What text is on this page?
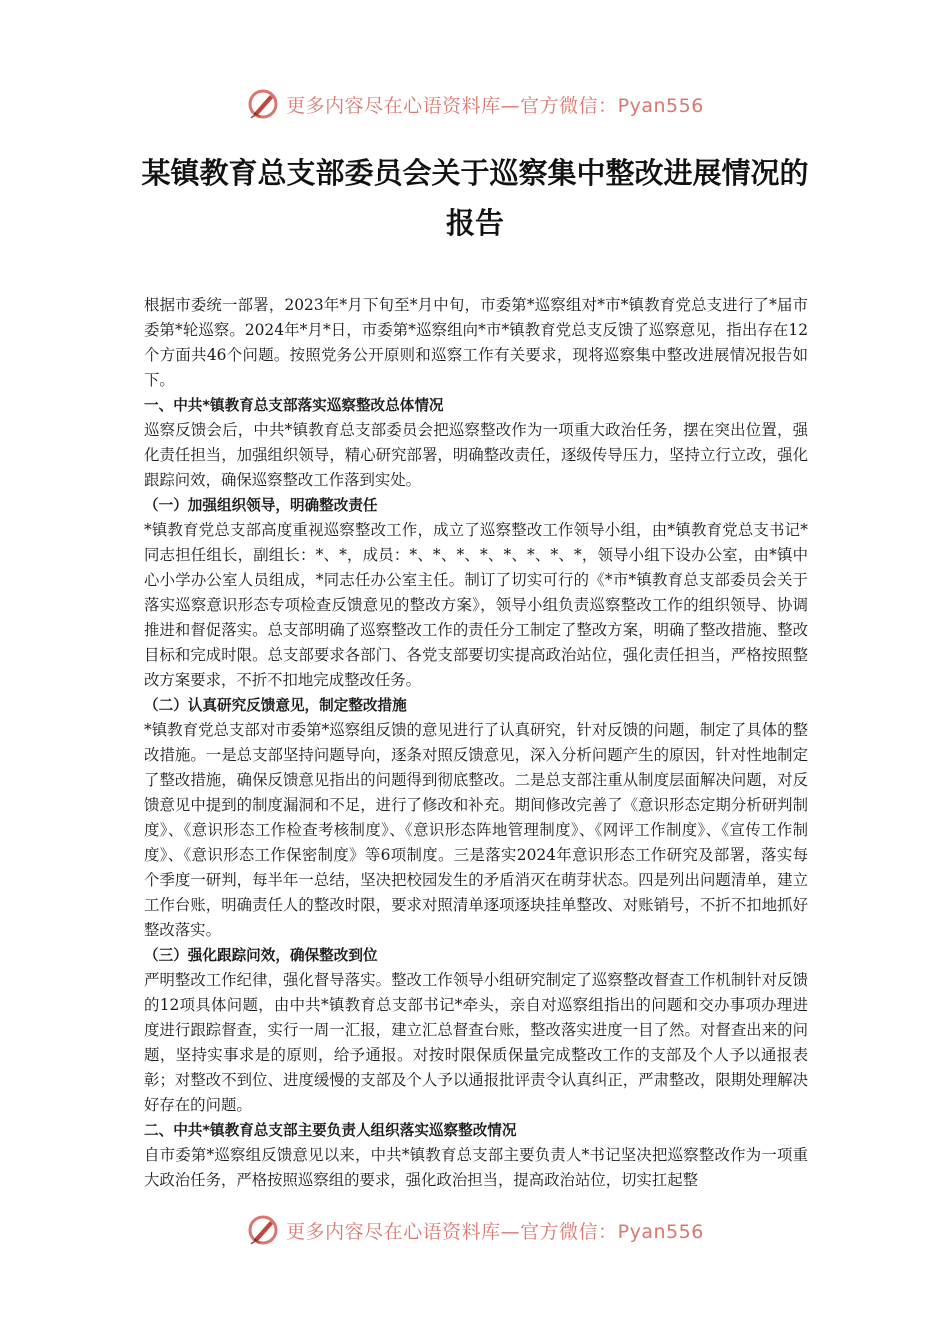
更多内容尽在心语资料库—官方微信：Pyan556
某镇教育总支部委员会关于巡察集中整改进展情况的报告

根据市委统一部署，2023年*月下旬至*月中旬，市委第*巡察组对*市*镇教育党总支进行了*届市委第*轮巡察。2024年*月*日，市委第*巡察组向*市*镇教育党总支反馈了巡察意见，指出存在12个方面共46个问题。按照党务公开原则和巡察工作有关要求，现将巡察集中整改进展情况报告如下。

一、中共*镇教育总支部落实巡察整改总体情况

巡察反馈会后，中共*镇教育总支部委员会把巡察整改作为一项重大政治任务，摆在突出位置，强化责任担当，加强组织领导，精心研究部署，明确整改责任，逐级传导压力，坚持立行立改，强化跟踪问效，确保巡察整改工作落到实处。

（一）加强组织领导，明确整改责任

*镇教育党总支部高度重视巡察整改工作，成立了巡察整改工作领导小组，由*镇教育党总支书记*同志担任组长，副组长：*、*，成员：*、*、*、*、*、*、*、*，领导小组下设办公室，由*镇中心小学办公室人员组成，*同志任办公室主任。制订了切实可行的《*市*镇教育总支部委员会关于落实巡察意识形态专项检查反馈意见的整改方案》，领导小组负责巡察整改工作的组织领导、协调推进和督促落实。总支部明确了巡察整改工作的责任分工制定了整改方案，明确了整改措施、整改目标和完成时限。总支部要求各部门、各党支部要切实提高政治站位，强化责任担当，严格按照整改方案要求，不折不扣地完成整改任务。

（二）认真研究反馈意见，制定整改措施

*镇教育党总支部对市委第*巡察组反馈的意见进行了认真研究，针对反馈的问题，制定了具体的整改措施。一是总支部坚持问题导向，逐条对照反馈意见，深入分析问题产生的原因，针对性地制定了整改措施，确保反馈意见指出的问题得到彻底整改。二是总支部注重从制度层面解决问题，对反馈意见中提到的制度漏洞和不足，进行了修改和补充。期间修改完善了《意识形态定期分析研判制度》、《意识形态工作检查考核制度》、《意识形态阵地管理制度》、《网评工作制度》、《宣传工作制度》、《意识形态工作保密制度》等6项制度。三是落实2024年意识形态工作研究及部署，落实每个季度一研判，每半年一总结，坚决把校园发生的矛盾消灭在萌芽状态。四是列出问题清单，建立工作台账，明确责任人的整改时限，要求对照清单逐项逐块挂单整改、对账销号，不折不扣地抓好整改落实。

（三）强化跟踪问效，确保整改到位

严明整改工作纪律，强化督导落实。整改工作领导小组研究制定了巡察整改督查工作机制针对反馈的12项具体问题，由中共*镇教育总支部书记*牵头，亲自对巡察组指出的问题和交办事项办理进度进行跟踪督查，实行一周一汇报，建立汇总督查台账，整改落实进度一目了然。对督查出来的问题，坚持实事求是的原则，给予通报。对按时限保质保量完成整改工作的支部及个人予以通报表彰；对整改不到位、进度缓慢的支部及个人予以通报批评责令认真纠正，严肃整改，限期处理解决好存在的问题。

二、中共*镇教育总支部主要负责人组织落实巡察整改情况

自市委第*巡察组反馈意见以来，中共*镇教育总支部主要负责人*书记坚决把巡察整改作为一项重大政治任务，严格按照巡察组的要求，强化政治担当，提高政治站位，切实扛起整

更多内容尽在心语资料库—官方微信：Pyan556
